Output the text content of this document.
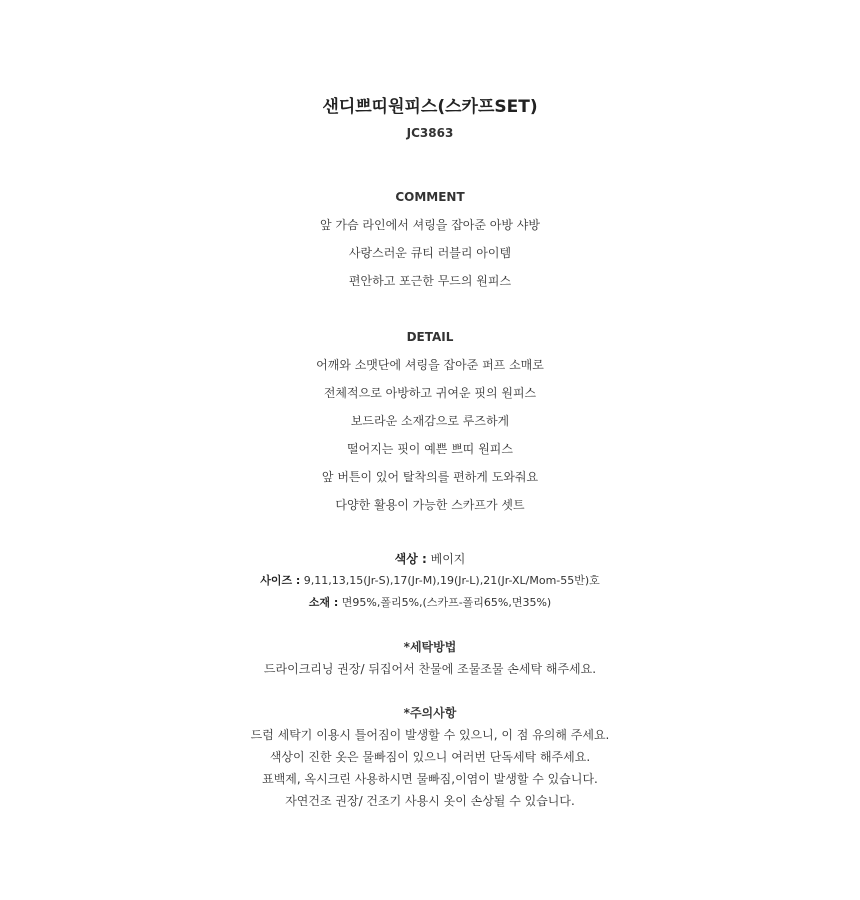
샌디쁘띠원피스(스카프SET)
JC3863
COMMENT
앞 가슴 라인에서 셔링을 잡아준 아방 샤방
사랑스러운 큐티 러블리 아이템
편안하고 포근한 무드의 원피스
DETAIL
어깨와 소맷단에 셔링을 잡아준 퍼프 소매로
전체적으로 아방하고 귀여운 핏의 원피스
보드라운 소재감으로 루즈하게
떨어지는 핏이 예쁜 쁘띠 원피스
앞 버튼이 있어 탈착의를 편하게 도와줘요
다양한 활용이 가능한 스카프가 셋트
색상 : 베이지
사이즈 : 9,11,13,15(Jr-S),17(Jr-M),19(Jr-L),21(Jr-XL/Mom-55반)호
소재 : 면95%,폴리5%,(스카프-폴리65%,면35%)
*세탁방법
드라이크리닝 권장/ 뒤집어서 찬물에 조물조물 손세탁 해주세요.
*주의사항
드럼 세탁기 이용시 틀어짐이 발생할 수 있으니, 이 점 유의해 주세요.
색상이 진한 옷은 물빠짐이 있으니 여러번 단독세탁 해주세요.
표백제, 옥시크린 사용하시면 물빠짐,이염이 발생할 수 있습니다.
자연건조 권장/ 건조기 사용시 옷이 손상될 수 있습니다.
